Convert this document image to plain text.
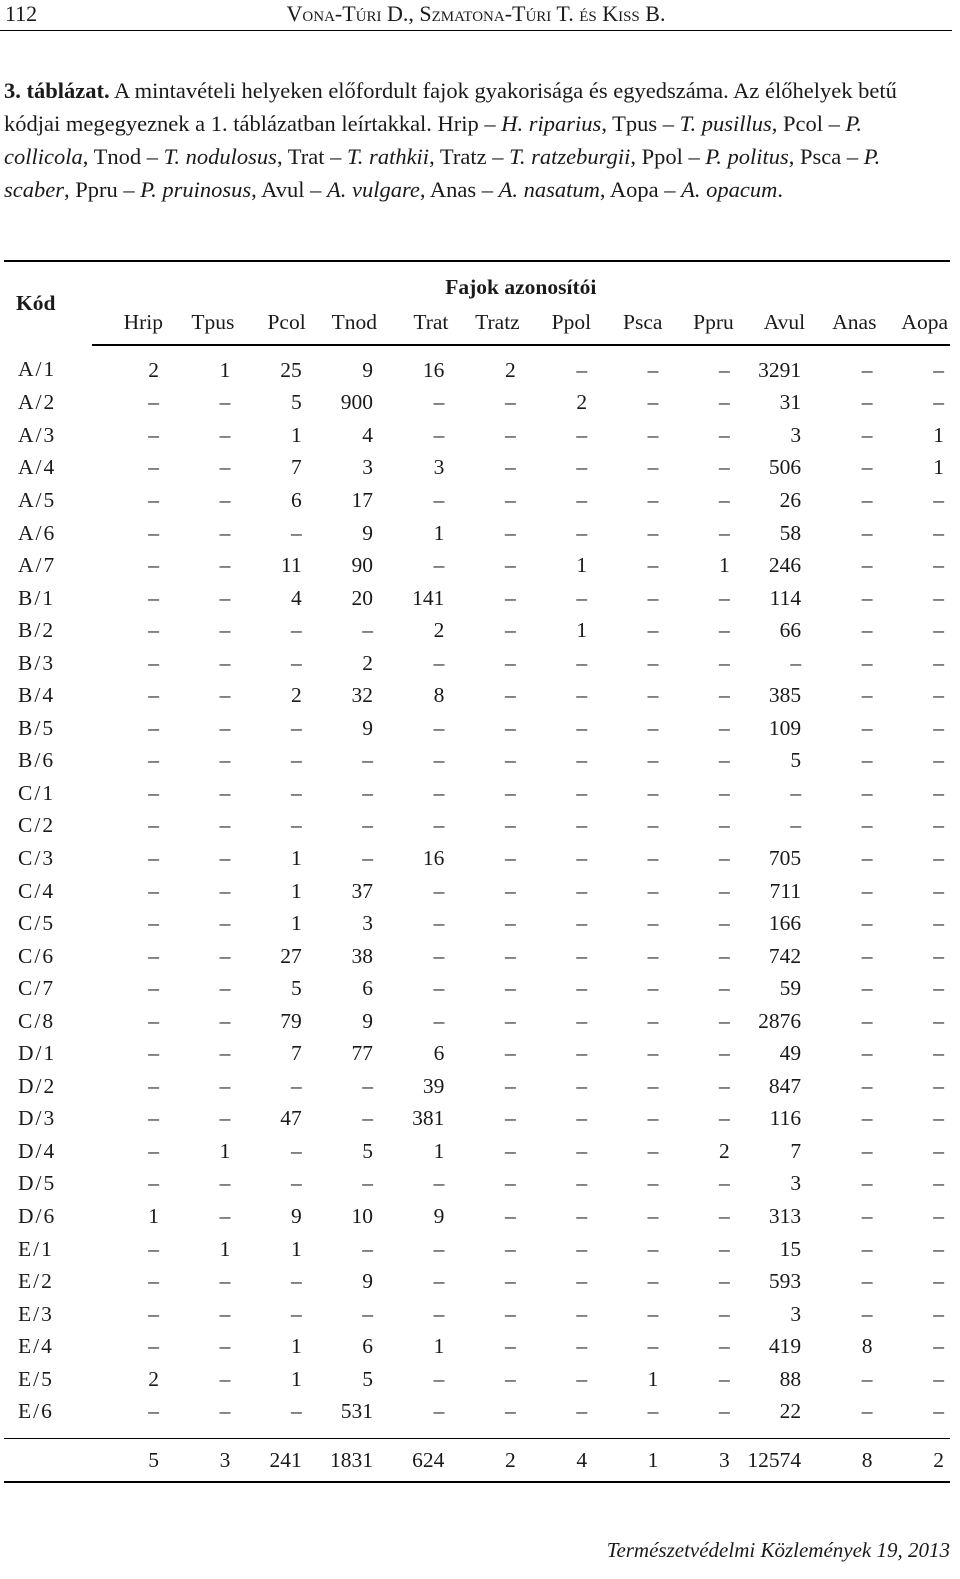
112	Vona-Túri D., Szmatona-Túri T. és Kiss B.
3. táblázat. A mintavételi helyeken előfordult fajok gyakorisága és egyedszáma. Az élőhelyek betű kódjai megegyeznek a 1. táblázatban leírtakkal. Hrip – H. riparius, Tpus – T. pusillus, Pcol – P. collicola, Tnod – T. nodulosus, Trat – T. rathkii, Tratz – T. ratzeburgii, Ppol – P. politus, Psca – P. scaber, Ppru – P. pruinosus, Avul – A. vulgare, Anas – A. nasatum, Aopa – A. opacum.
Kód	Fajok azonosítói											
	Hrip	Tpus	Pcol	Tnod	Trat	Tratz	Ppol	Psca	Ppru	Avul	Anas	Aopa
A/1	2	1	25	9	16	2	–	–	–	3291	–	–
A/2	–	–	5	900	–	–	2	–	–	31	–	–
A/3	–	–	1	4	–	–	–	–	–	3	–	1
A/4	–	–	7	3	3	–	–	–	–	506	–	1
A/5	–	–	6	17	–	–	–	–	–	26	–	–
A/6	–	–	–	9	1	–	–	–	–	58	–	–
A/7	–	–	11	90	–	–	1	–	1	246	–	–
B/1	–	–	4	20	141	–	–	–	–	114	–	–
B/2	–	–	–	–	2	–	1	–	–	66	–	–
B/3	–	–	–	2	–	–	–	–	–	–	–	–
B/4	–	–	2	32	8	–	–	–	–	385	–	–
B/5	–	–	–	9	–	–	–	–	–	109	–	–
B/6	–	–	–	–	–	–	–	–	–	5	–	–
C/1	–	–	–	–	–	–	–	–	–	–	–	–
C/2	–	–	–	–	–	–	–	–	–	–	–	–
C/3	–	–	1	–	16	–	–	–	–	705	–	–
C/4	–	–	1	37	–	–	–	–	–	711	–	–
C/5	–	–	1	3	–	–	–	–	–	166	–	–
C/6	–	–	27	38	–	–	–	–	–	742	–	–
C/7	–	–	5	6	–	–	–	–	–	59	–	–
C/8	–	–	79	9	–	–	–	–	–	2876	–	–
D/1	–	–	7	77	6	–	–	–	–	49	–	–
D/2	–	–	–	–	39	–	–	–	–	847	–	–
D/3	–	–	47	–	381	–	–	–	–	116	–	–
D/4	–	1	–	5	1	–	–	–	2	7	–	–
D/5	–	–	–	–	–	–	–	–	–	3	–	–
D/6	1	–	9	10	9	–	–	–	–	313	–	–
E/1	–	1	1	–	–	–	–	–	–	15	–	–
E/2	–	–	–	9	–	–	–	–	–	593	–	–
E/3	–	–	–	–	–	–	–	–	–	3	–	–
E/4	–	–	1	6	1	–	–	–	–	419	8	–
E/5	2	–	1	5	–	–	–	1	–	88	–	–
E/6	–	–	–	531	–	–	–	–	–	22	–	–

	5	3	241	1831	624	2	4	1	3	12574	8	2
Természetvédelmi Közlemények 19, 2013
